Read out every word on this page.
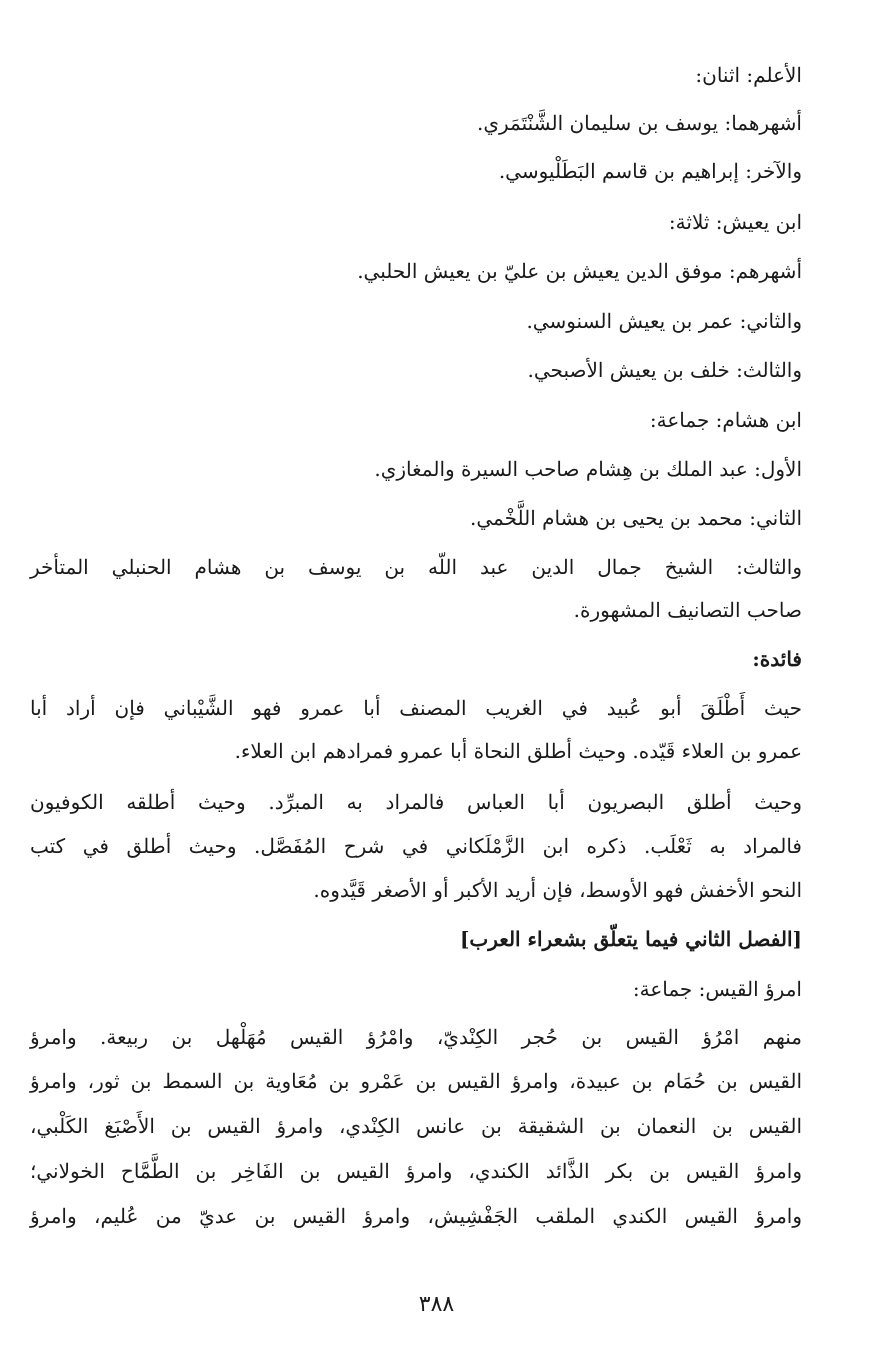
الأعلم: اثنان:
أشهرهما: يوسف بن سليمان الشَّنْتَمَري.
والآخر: إبراهيم بن قاسم البَطَلْيوسي.
ابن يعيش: ثلاثة:
أشهرهم: موفق الدين يعيش بن عليّ بن يعيش الحلبي.
والثاني: عمر بن يعيش السنوسي.
والثالث: خلف بن يعيش الأصبحي.
ابن هشام: جماعة:
الأول: عبد الملك بن هِشام صاحب السيرة والمغازي.
الثاني: محمد بن يحيى بن هشام اللَّخْمي.
والثالث: الشيخ جمال الدين عبد اللّه بن يوسف بن هشام الحنبلي المتأخر
صاحب التصانيف المشهورة.
فائدة:
حيث أَطْلَقَ أبو عُبيد في الغريب المصنف أبا عمرو فهو الشَّيْباني فإن أراد أبا
عمرو بن العلاء قَيّده. وحيث أطلق النحاة أبا عمرو فمرادهم ابن العلاء.
وحيث أطلق البصريون أبا العباس فالمراد به المبرِّد. وحيث أطلقه الكوفيون
فالمراد به ثَعْلَب. ذكره ابن الزَّمْلَكاني في شرح المُفَصَّل. وحيث أطلق في كتب
النحو الأخفش فهو الأوسط، فإن أريد الأكبر أو الأصغر قَيَّدوه.
[الفصل الثاني فيما يتعلّق بشعراء العرب]
امرؤ القيس: جماعة:
منهم امْرُؤ القيس بن حُجر الكِنْديّ، وامْرُؤ القيس مُهَلْهل بن ربيعة. وامرؤ
القيس بن حُمَام بن عبيدة، وامرؤ القيس بن عَمْرو بن مُعَاوية بن السمط بن ثور، وامرؤ
القيس بن النعمان بن الشقيقة بن عانس الكِنْدي، وامرؤ القيس بن الأَصْبَغ الكَلْبي،
وامرؤ القيس بن بكر الذَّائد الكندي، وامرؤ القيس بن الفَاخِر بن الطَّمَّاح الخولاني؛
وامرؤ القيس الكندي الملقب الجَفْشِيش، وامرؤ القيس بن عديّ من عُليم، وامرؤ
٣٨٨
